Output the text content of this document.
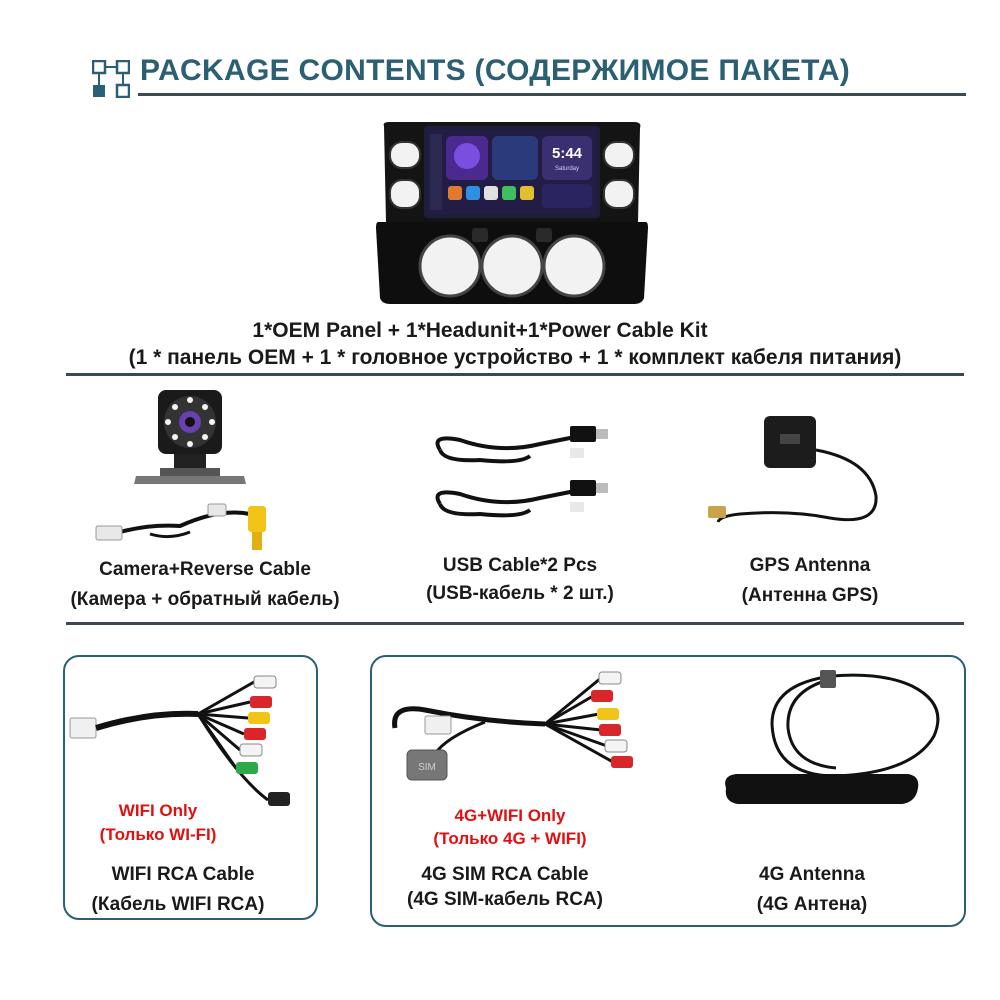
PACKAGE CONTENTS (СОДЕРЖИМОЕ ПАКЕТА)
5:44
Saturday
1*OEM Panel + 1*Headunit+1*Power Cable Kit
(1 * панель OEM + 1 * головное устройство + 1 * комплект кабеля питания)
Camera+Reverse Cable
(Камера + обратный кабель)
USB Cable*2 Pcs
(USB-кабель * 2 шт.)
GPS Antenna
(Антенна GPS)
WIFI Only
(Только WI-FI)
WIFI RCA Cable
(Кабель WIFI RCA)
SIM
4G+WIFI Only
(Только 4G + WIFI)
4G SIM RCA Cable
(4G SIM-кабель RCA)
4G Antenna
(4G Антена)
